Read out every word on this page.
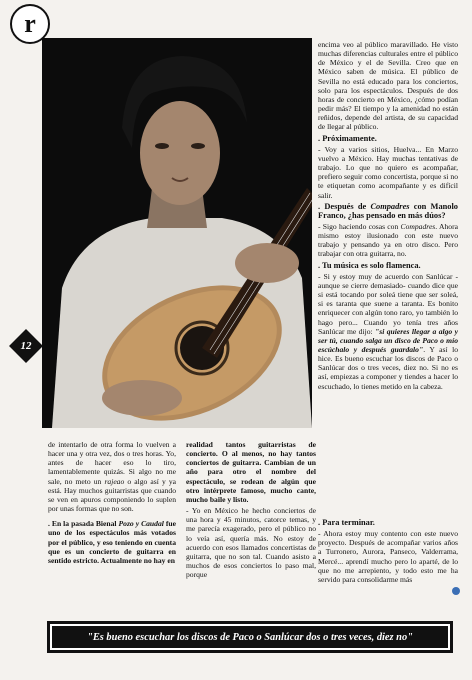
r
12

encima veo al público maravillado. He visto muchas diferencias culturales entre el público de México y el de Sevilla. Creo que en México saben de música. El público de Sevilla no está educado para los conciertos, solo para los espectáculos. Después de dos horas de concierto en México, ¿cómo podían pedir más? El tiempo y la amenidad no están reñidos, depende del artista, de su capacidad de llegar al público.

. Próximamente.

- Voy a varios sitios, Huelva... En Marzo vuelvo a México. Hay muchas tentativas de trabajo. Lo que no quiero es acompañar, prefiero seguir como concertista, porque si no te etiquetan como acompañante y es difícil salir.

. Después de Compadres con Manolo Franco, ¿has pensado en más dúos?

- Sigo haciendo cosas con Compadres. Ahora mismo estoy ilusionado con este nuevo trabajo y pensando ya en otro disco. Pero trabajar con otra guitarra, no.

. Tu música es solo flamenca.

- Si y estoy muy de acuerdo con Sanlúcar -aunque se cierre demasiado- cuando dice que si está tocando por soleá tiene que ser soleá, si es taranta que suene a taranta. Es bonito enriquecer con algún tono raro, yo también lo hago pero... Cuando yo tenía tres años Sanlúcar me dijo: "si quieres llegar a algo y ser tú, cuando salga un disco de Paco o mío escúchalo y después guardalo". Y así lo hice. Es bueno escuchar los discos de Paco o Sanlúcar dos o tres veces, diez no. Si no es así, empiezas a componer y tiendes a hacer lo escuchado, lo tienes metido en la cabeza.

. Para terminar.

- Ahora estoy muy contento con este nuevo proyecto. Después de acompañar varios años a Turronero, Aurora, Panseco, Valderrama, Mercé... aprendí mucho pero lo aparté, de lo que no me arrepiento, y todo esto me ha servido para consolidarme más

de intentarlo de otra forma lo vuelven a hacer una y otra vez, dos o tres horas. Yo, antes de hacer eso lo tiro, lamentablemente quizás. Si algo no me sale, no meto un rajeao o algo así y ya está. Hay muchos guitarristas que cuando se ven en apuros componiendo lo suplen por unas formas que no son.

. En la pasada Bienal Pozo y Caudal fue uno de los espectáculos más votados por el público, y eso teniendo en cuenta que es un concierto de guitarra en sentido estricto. Actualmente no hay en

realidad tantos guitarristas de concierto. O al menos, no hay tantos conciertos de guitarra. Cambian de un año para otro el nombre del espectáculo, se rodean de algún que otro intérprete famoso, mucho cante, mucho baile y listo.

- Yo en México he hecho conciertos de una hora y 45 minutos, catorce temas, y me parecía exagerado, pero el público no lo veía así, quería más. No estoy de acuerdo con esos llamados concertistas de guitarra, que no son tal. Cuando asisto a muchos de esos conciertos lo paso mal, porque

"Es bueno escuchar los discos de Paco o Sanlúcar dos o tres veces, diez no"
